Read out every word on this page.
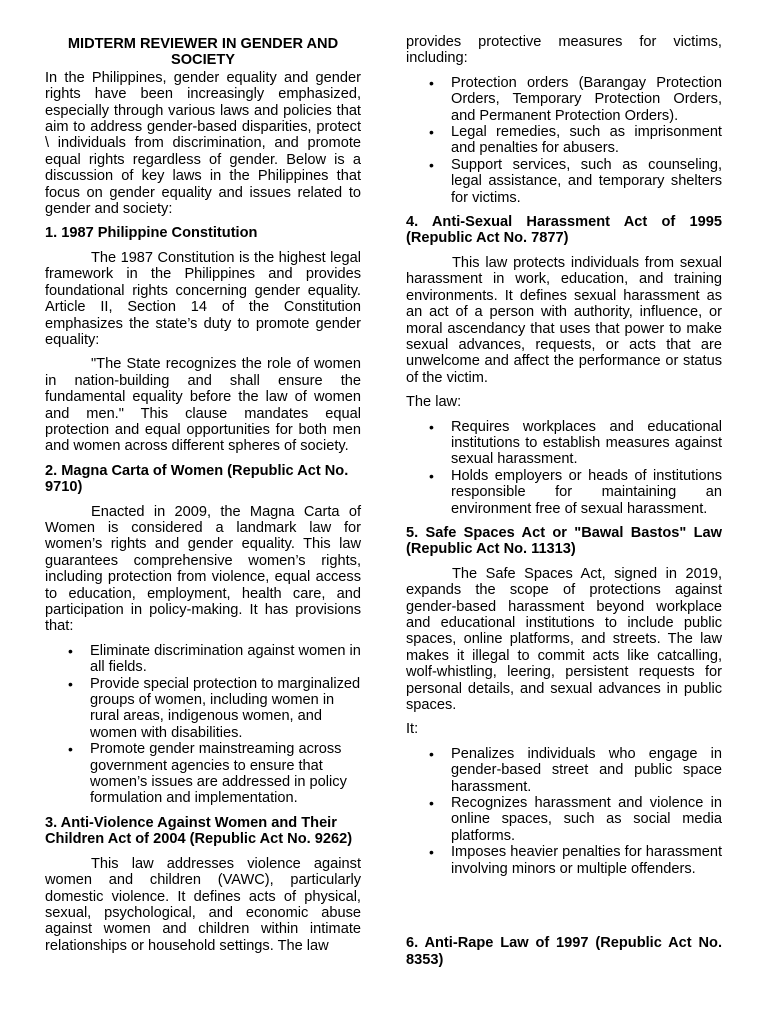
MIDTERM REVIEWER IN GENDER AND SOCIETY

In the Philippines, gender equality and gender rights have been increasingly emphasized, especially through various laws and policies that aim to address gender-based disparities, protect \ individuals from discrimination, and promote equal rights regardless of gender. Below is a discussion of key laws in the Philippines that focus on gender equality and issues related to gender and society:

1. 1987 Philippine Constitution

The 1987 Constitution is the highest legal framework in the Philippines and provides foundational rights concerning gender equality. Article II, Section 14 of the Constitution emphasizes the state’s duty to promote gender equality:

"The State recognizes the role of women in nation-building and shall ensure the fundamental equality before the law of women and men." This clause mandates equal protection and equal opportunities for both men and women across different spheres of society.

2. Magna Carta of Women (Republic Act No. 9710)

Enacted in 2009, the Magna Carta of Women is considered a landmark law for women’s rights and gender equality. This law guarantees comprehensive women’s rights, including protection from violence, equal access to education, employment, health care, and participation in policy-making. It has provisions that:

• Eliminate discrimination against women in all fields.
• Provide special protection to marginalized groups of women, including women in rural areas, indigenous women, and women with disabilities.
• Promote gender mainstreaming across government agencies to ensure that women’s issues are addressed in policy formulation and implementation.
3. Anti-Violence Against Women and Their Children Act of 2004 (Republic Act No. 9262)

This law addresses violence against women and children (VAWC), particularly domestic violence. It defines acts of physical, sexual, psychological, and economic abuse against women and children within intimate relationships or household settings. The law

provides protective measures for victims, including:

• Protection orders (Barangay Protection Orders, Temporary Protection Orders, and Permanent Protection Orders).
• Legal remedies, such as imprisonment and penalties for abusers.
• Support services, such as counseling, legal assistance, and temporary shelters for victims.
4. Anti-Sexual Harassment Act of 1995 (Republic Act No. 7877)

This law protects individuals from sexual harassment in work, education, and training environments. It defines sexual harassment as an act of a person with authority, influence, or moral ascendancy that uses that power to make sexual advances, requests, or acts that are unwelcome and affect the performance or status of the victim.

The law:

• Requires workplaces and educational institutions to establish measures against sexual harassment.
• Holds employers or heads of institutions responsible for maintaining an environment free of sexual harassment.
5. Safe Spaces Act or "Bawal Bastos" Law (Republic Act No. 11313)

The Safe Spaces Act, signed in 2019, expands the scope of protections against gender-based harassment beyond workplace and educational institutions to include public spaces, online platforms, and streets. The law makes it illegal to commit acts like catcalling, wolf-whistling, leering, persistent requests for personal details, and sexual advances in public spaces.

It:

• Penalizes individuals who engage in gender-based street and public space harassment.
• Recognizes harassment and violence in online spaces, such as social media platforms.
• Imposes heavier penalties for harassment involving minors or multiple offenders.
6. Anti-Rape Law of 1997 (Republic Act No. 8353)
